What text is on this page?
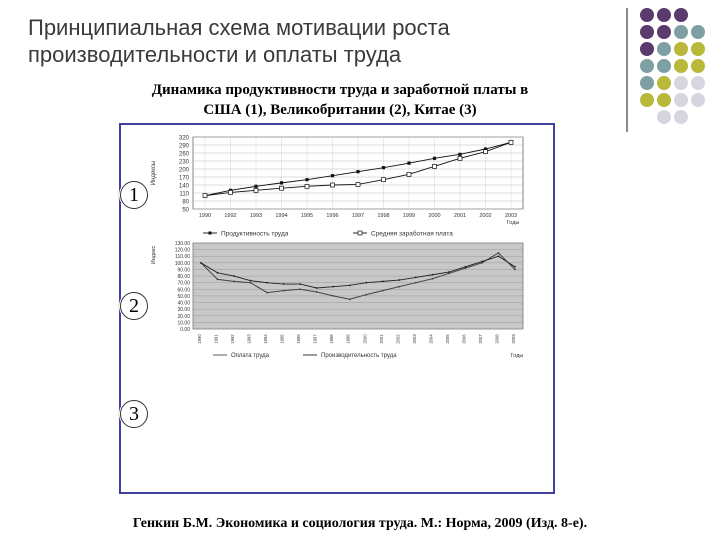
Принципиальная схема мотивации роста производительности и оплаты труда
Динамика продуктивности труда и заработной платы в
США (1), Великобритании (2), Китае (3)
320
290
260
230
200
170
140
110
80
50
1990 1992 1993 1994 1995 1996 1997 1998 1999 2000 2001 2002 2003
Годы
Индексы
Продуктивность труда	Средняя заработная плата
130.00
120.00
110.00
100.00
90.00
80.00
70.00
60.00
50.00
40.00
30.00
20.00
10.00
0.00
1990	1991	1992	1993	1994	1995	1996	1997	1998	1999	2000	2001	2002	2003	2004	2005	2006	2007	2008	2009
Годы
Индекс
Оплата труда	Производительность труда
1
2
3
Генкин Б.М. Экономика и социология труда. М.: Норма, 2009 (Изд. 8-е).
